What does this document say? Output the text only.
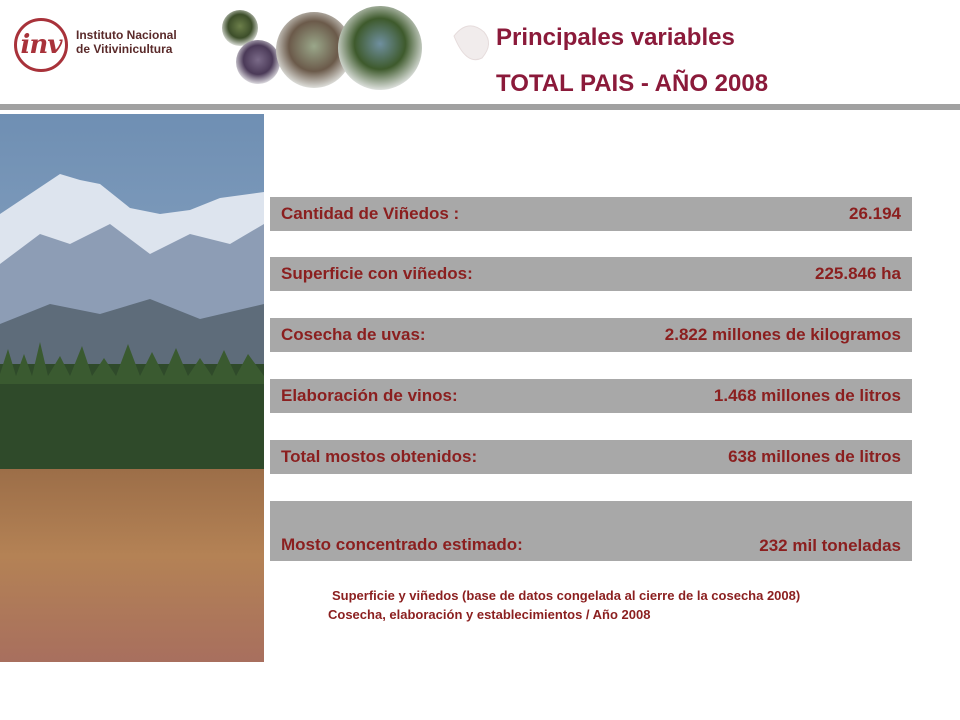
inv Instituto Nacional
de Vitivinicultura	Principales variables
TOTAL PAIS - AÑO 2008
Cantidad de Viñedos :	26.194
Superficie con viñedos:	225.846 ha
Cosecha de uvas:	2.822 millones de kilogramos
Elaboración de vinos:	1.468 millones de litros
Total mostos obtenidos:	638 millones de litros
Mosto concentrado estimado:	232 mil toneladas
Superficie y viñedos (base de datos congelada al cierre de la cosecha 2008)
Cosecha, elaboración y establecimientos / Año 2008
